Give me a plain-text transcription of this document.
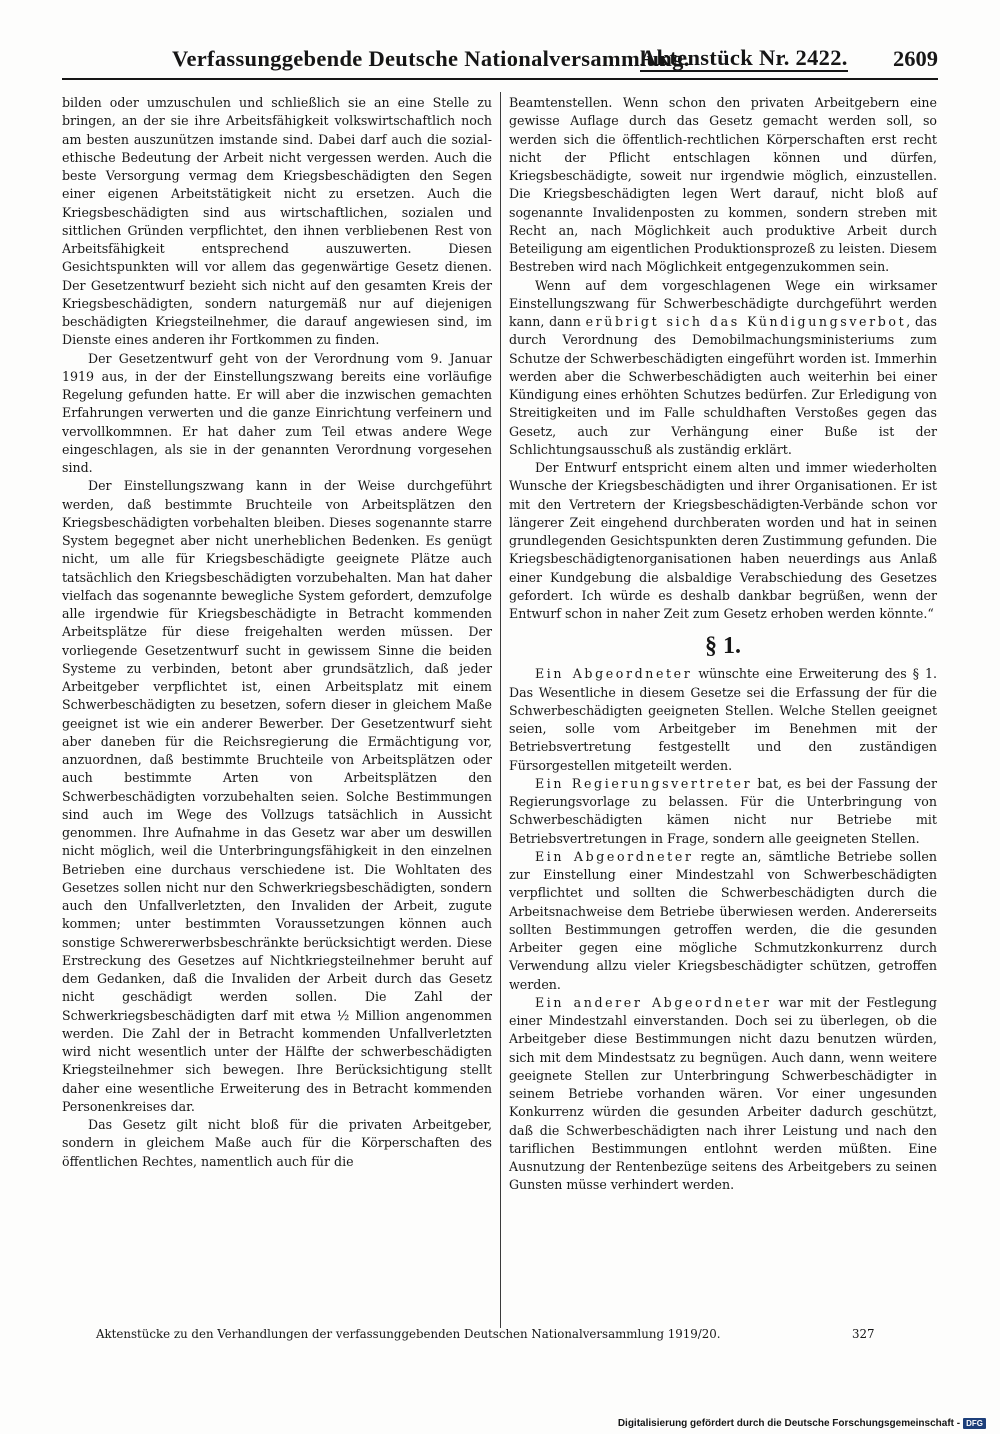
Verfassunggebende Deutsche Nationalversammlung.
Aktenstück Nr. 2422. 2609

bilden oder umzuschulen und schließlich sie an eine Stelle zu bringen, an der sie ihre Arbeitsfähigkeit volkswirtschaftlich noch am besten auszunützen imstande sind. Dabei darf auch die sozial-ethische Bedeutung der Arbeit nicht vergessen werden. Auch die beste Versorgung vermag dem Kriegsbeschädigten den Segen einer eigenen Arbeitstätigkeit nicht zu ersetzen. Auch die Kriegsbeschädigten sind aus wirtschaftlichen, sozialen und sittlichen Gründen verpflichtet, den ihnen verbliebenen Rest von Arbeitsfähigkeit entsprechend auszuwerten. Diesen Gesichtspunkten will vor allem das gegenwärtige Gesetz dienen. Der Gesetzentwurf bezieht sich nicht auf den gesamten Kreis der Kriegsbeschädigten, sondern naturgemäß nur auf diejenigen beschädigten Kriegsteilnehmer, die darauf angewiesen sind, im Dienste eines anderen ihr Fortkommen zu finden.

Der Gesetzentwurf geht von der Verordnung vom 9. Januar 1919 aus, in der der Einstellungszwang bereits eine vorläufige Regelung gefunden hatte. Er will aber die inzwischen gemachten Erfahrungen verwerten und die ganze Einrichtung verfeinern und vervollkommnen. Er hat daher zum Teil etwas andere Wege eingeschlagen, als sie in der genannten Verordnung vorgesehen sind.

Der Einstellungszwang kann in der Weise durchgeführt werden, daß bestimmte Bruchteile von Arbeitsplätzen den Kriegsbeschädigten vorbehalten bleiben. Dieses sogenannte starre System begegnet aber nicht unerheblichen Bedenken. Es genügt nicht, um alle für Kriegsbeschädigte geeignete Plätze auch tatsächlich den Kriegsbeschädigten vorzubehalten. Man hat daher vielfach das sogenannte bewegliche System gefordert, demzufolge alle irgendwie für Kriegsbeschädigte in Betracht kommenden Arbeitsplätze für diese freigehalten werden müssen. Der vorliegende Gesetzentwurf sucht in gewissem Sinne die beiden Systeme zu verbinden, betont aber grundsätzlich, daß jeder Arbeitgeber verpflichtet ist, einen Arbeitsplatz mit einem Schwerbeschädigten zu besetzen, sofern dieser in gleichem Maße geeignet ist wie ein anderer Bewerber. Der Gesetzentwurf sieht aber daneben für die Reichsregierung die Ermächtigung vor, anzuordnen, daß bestimmte Bruchteile von Arbeitsplätzen oder auch bestimmte Arten von Arbeitsplätzen den Schwerbeschädigten vorzubehalten seien. Solche Bestimmungen sind auch im Wege des Vollzugs tatsächlich in Aussicht genommen. Ihre Aufnahme in das Gesetz war aber um deswillen nicht möglich, weil die Unterbringungsfähigkeit in den einzelnen Betrieben eine durchaus verschiedene ist. Die Wohltaten des Gesetzes sollen nicht nur den Schwerkriegsbeschädigten, sondern auch den Unfallverletzten, den Invaliden der Arbeit, zugute kommen; unter bestimmten Voraussetzungen können auch sonstige Schwererwerbsbeschränkte berücksichtigt werden. Diese Erstreckung des Gesetzes auf Nichtkriegsteilnehmer beruht auf dem Gedanken, daß die Invaliden der Arbeit durch das Gesetz nicht geschädigt werden sollen. Die Zahl der Schwerkriegsbeschädigten darf mit etwa ½ Million angenommen werden. Die Zahl der in Betracht kommenden Unfallverletzten wird nicht wesentlich unter der Hälfte der schwerbeschädigten Kriegsteilnehmer sich bewegen. Ihre Berücksichtigung stellt daher eine wesentliche Erweiterung des in Betracht kommenden Personenkreises dar.

Das Gesetz gilt nicht bloß für die privaten Arbeitgeber, sondern in gleichem Maße auch für die Körperschaften des öffentlichen Rechtes, namentlich auch für die

Beamtenstellen. Wenn schon den privaten Arbeitgebern eine gewisse Auflage durch das Gesetz gemacht werden soll, so werden sich die öffentlich-rechtlichen Körperschaften erst recht nicht der Pflicht entschlagen können und dürfen, Kriegsbeschädigte, soweit nur irgendwie möglich, einzustellen. Die Kriegsbeschädigten legen Wert darauf, nicht bloß auf sogenannte Invalidenposten zu kommen, sondern streben mit Recht an, nach Möglichkeit auch produktive Arbeit durch Beteiligung am eigentlichen Produktionsprozeß zu leisten. Diesem Bestreben wird nach Möglichkeit entgegenzukommen sein.

Wenn auf dem vorgeschlagenen Wege ein wirksamer Einstellungszwang für Schwerbeschädigte durchgeführt werden kann, dann erübrigt sich das Kündigungsverbot, das durch Verordnung des Demobilmachungsministeriums zum Schutze der Schwerbeschädigten eingeführt worden ist. Immerhin werden aber die Schwerbeschädigten auch weiterhin bei einer Kündigung eines erhöhten Schutzes bedürfen. Zur Erledigung von Streitigkeiten und im Falle schuldhaften Verstoßes gegen das Gesetz, auch zur Verhängung einer Buße ist der Schlichtungsausschuß als zuständig erklärt.

Der Entwurf entspricht einem alten und immer wiederholten Wunsche der Kriegsbeschädigten und ihrer Organisationen. Er ist mit den Vertretern der Kriegsbeschädigten-Verbände schon vor längerer Zeit eingehend durchberaten worden und hat in seinen grundlegenden Gesichtspunkten deren Zustimmung gefunden. Die Kriegsbeschädigtenorganisationen haben neuerdings aus Anlaß einer Kundgebung die alsbaldige Verabschiedung des Gesetzes gefordert. Ich würde es deshalb dankbar begrüßen, wenn der Entwurf schon in naher Zeit zum Gesetz erhoben werden könnte.“

§ 1.

Ein Abgeordneter wünschte eine Erweiterung des § 1. Das Wesentliche in diesem Gesetze sei die Erfassung der für die Schwerbeschädigten geeigneten Stellen. Welche Stellen geeignet seien, solle vom Arbeitgeber im Benehmen mit der Betriebsvertretung festgestellt und den zuständigen Fürsorgestellen mitgeteilt werden.

Ein Regierungsvertreter bat, es bei der Fassung der Regierungsvorlage zu belassen. Für die Unterbringung von Schwerbeschädigten kämen nicht nur Betriebe mit Betriebsvertretungen in Frage, sondern alle geeigneten Stellen.

Ein Abgeordneter regte an, sämtliche Betriebe sollen zur Einstellung einer Mindestzahl von Schwerbeschädigten verpflichtet und sollten die Schwerbeschädigten durch die Arbeitsnachweise dem Betriebe überwiesen werden. Andererseits sollten Bestimmungen getroffen werden, die die gesunden Arbeiter gegen eine mögliche Schmutzkonkurrenz durch Verwendung allzu vieler Kriegsbeschädigter schützen, getroffen werden.

Ein anderer Abgeordneter war mit der Festlegung einer Mindestzahl einverstanden. Doch sei zu überlegen, ob die Arbeitgeber diese Bestimmungen nicht dazu benutzen würden, sich mit dem Mindestsatz zu begnügen. Auch dann, wenn weitere geeignete Stellen zur Unterbringung Schwerbeschädigter in seinem Betriebe vorhanden wären. Vor einer ungesunden Konkurrenz würden die gesunden Arbeiter dadurch geschützt, daß die Schwerbeschädigten nach ihrer Leistung und nach den tariflichen Bestimmungen entlohnt werden müßten. Eine Ausnutzung der Rentenbezüge seitens des Arbeitgebers zu seinen Gunsten müsse verhindert werden.

Aktenstücke zu den Verhandlungen der verfassunggebenden Deutschen Nationalversammlung 1919/20.	327
Digitalisierung gefördert durch die Deutsche Forschungsgemeinschaft - DFG
